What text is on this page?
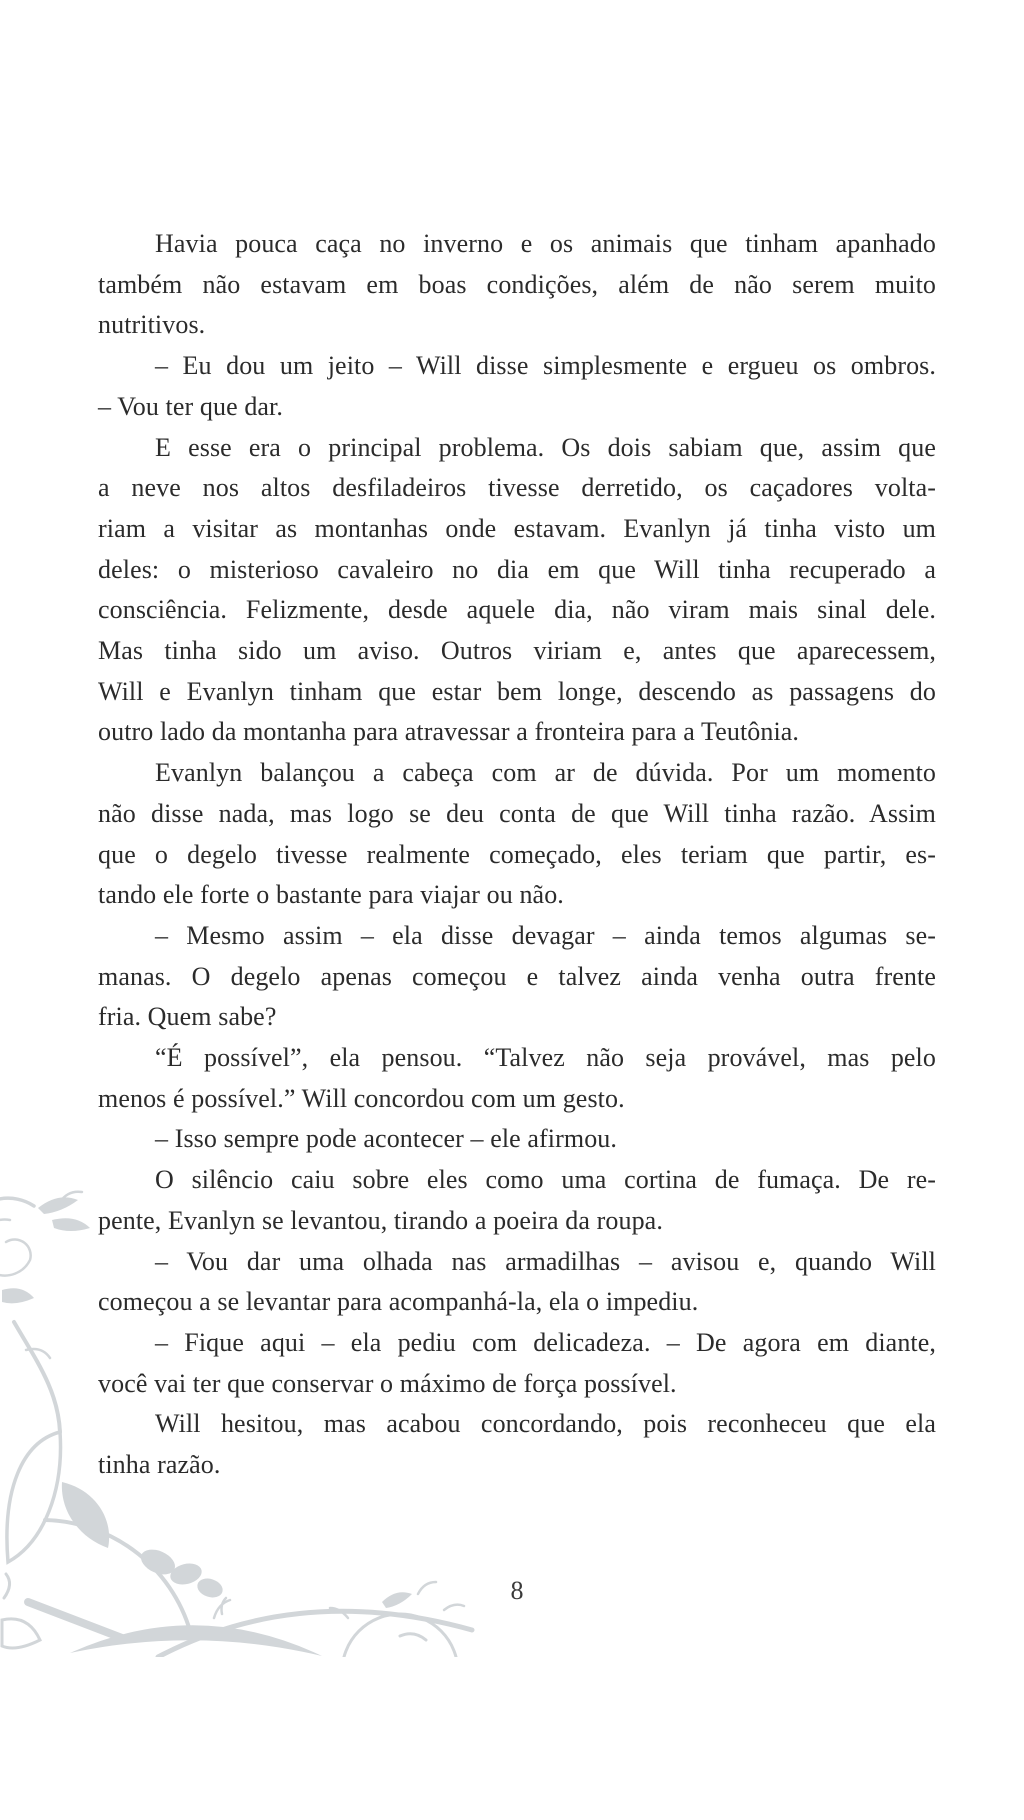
Havia pouca caça no inverno e os animais que tinham apanhado
também não estavam em boas condições, além de não serem muito
nutritivos.
– Eu dou um jeito – Will disse simplesmente e ergueu os ombros.
– Vou ter que dar.
E esse era o principal problema. Os dois sabiam que, assim que
a neve nos altos desfiladeiros tivesse derretido, os caçadores volta-
riam a visitar as montanhas onde estavam. Evanlyn já tinha visto um
deles: o misterioso cavaleiro no dia em que Will tinha recuperado a
consciência. Felizmente, desde aquele dia, não viram mais sinal dele.
Mas tinha sido um aviso. Outros viriam e, antes que aparecessem,
Will e Evanlyn tinham que estar bem longe, descendo as passagens do
outro lado da montanha para atravessar a fronteira para a Teutônia.
Evanlyn balançou a cabeça com ar de dúvida. Por um momento
não disse nada, mas logo se deu conta de que Will tinha razão. Assim
que o degelo tivesse realmente começado, eles teriam que partir, es-
tando ele forte o bastante para viajar ou não.
– Mesmo assim – ela disse devagar – ainda temos algumas se-
manas. O degelo apenas começou e talvez ainda venha outra frente
fria. Quem sabe?
“É possível”, ela pensou. “Talvez não seja provável, mas pelo
menos é possível.” Will concordou com um gesto.
– Isso sempre pode acontecer – ele afirmou.
O silêncio caiu sobre eles como uma cortina de fumaça. De re-
pente, Evanlyn se levantou, tirando a poeira da roupa.
– Vou dar uma olhada nas armadilhas – avisou e, quando Will
começou a se levantar para acompanhá-la, ela o impediu.
– Fique aqui – ela pediu com delicadeza. – De agora em diante,
você vai ter que conservar o máximo de força possível.
Will hesitou, mas acabou concordando, pois reconheceu que ela
tinha razão.
8
